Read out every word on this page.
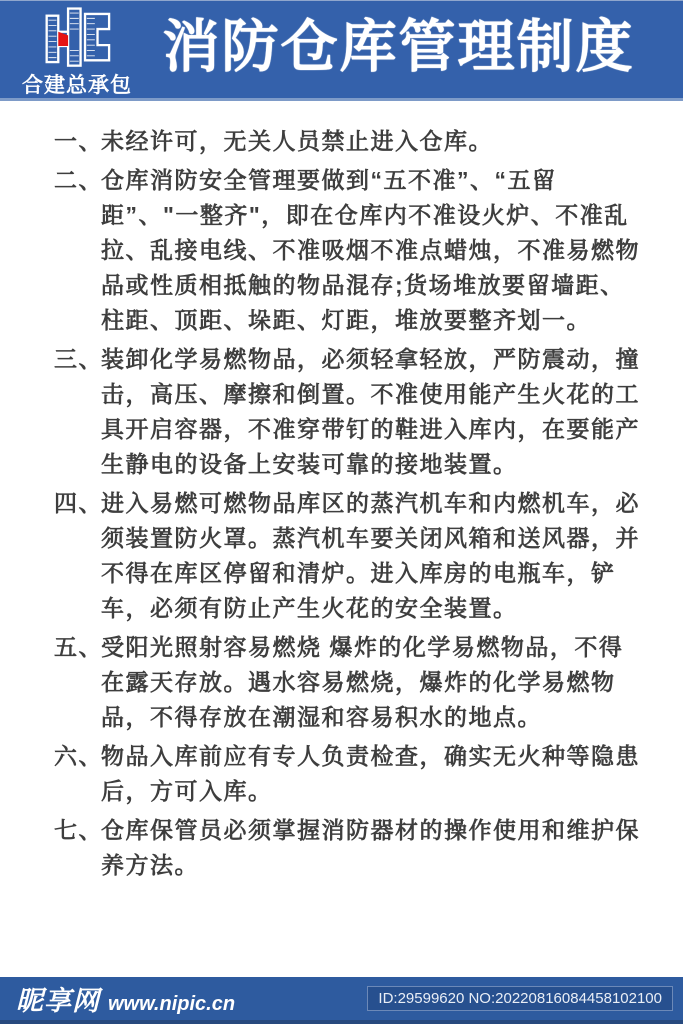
合建总承包
消防仓库管理制度
一、
未经许可，无关人员禁止进入仓库。
二、
仓库消防安全管理要做到“五不准”、“五留距”、"一整齐"，即在仓库内不准设火炉、不准乱拉、乱接电线、不准吸烟不准点蜡烛，不准易燃物品或性质相抵触的物品混存;货场堆放要留墙距、柱距、顶距、垛距、灯距，堆放要整齐划一。
三、
装卸化学易燃物品，必须轻拿轻放，严防震动，撞击，高压、摩擦和倒置。不准使用能产生火花的工具开启容器，不准穿带钉的鞋进入库内，在要能产生静电的设备上安装可靠的接地装置。
四、
进入易燃可燃物品库区的蒸汽机车和内燃机车，必须装置防火罩。蒸汽机车要关闭风箱和送风器，并不得在库区停留和清炉。进入库房的电瓶车，铲车，必须有防止产生火花的安全装置。
五、
受阳光照射容易燃烧 爆炸的化学易燃物品，不得在露天存放。遇水容易燃烧，爆炸的化学易燃物品，不得存放在潮湿和容易积水的地点。
六、
物品入库前应有专人负责检查，确实无火种等隐患后，方可入库。
七、
仓库保管员必须掌握消防器材的操作使用和维护保养方法。
昵享网 www.nipic.cn	ID:29599620 NO:20220816084458102100
